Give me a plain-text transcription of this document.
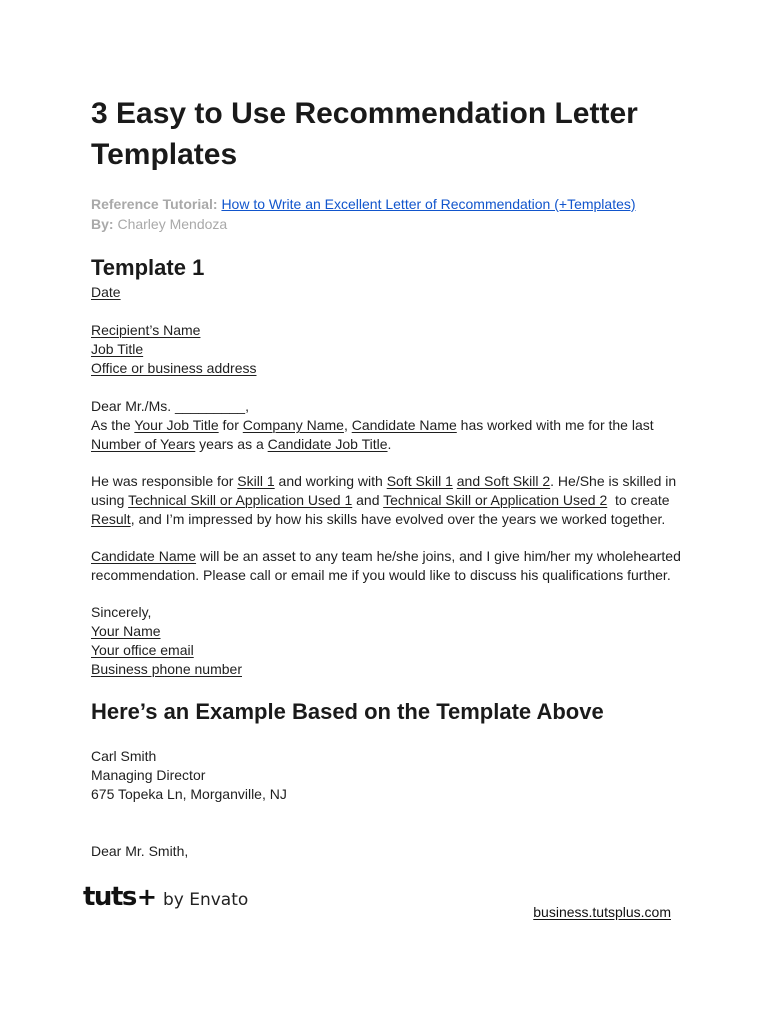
3 Easy to Use Recommendation Letter Templates
Reference Tutorial: How to Write an Excellent Letter of Recommendation (+Templates)
By: Charley Mendoza
Template 1
Date
Recipient’s Name
Job Title
Office or business address
Dear Mr./Ms. _________,
As the Your Job Title for Company Name, Candidate Name has worked with me for the last
Number of Years years as a Candidate Job Title.
He was responsible for Skill 1 and working with Soft Skill 1 and Soft Skill 2. He/She is skilled in
using Technical Skill or Application Used 1 and Technical Skill or Application Used 2  to create
Result, and I’m impressed by how his skills have evolved over the years we worked together.
Candidate Name will be an asset to any team he/she joins, and I give him/her my wholehearted
recommendation. Please call or email me if you would like to discuss his qualifications further.
Sincerely,
Your Name
Your office email
Business phone number
Here’s an Example Based on the Template Above
Carl Smith
Managing Director
675 Topeka Ln, Morganville, NJ
Dear Mr. Smith,
tuts + by Envato
business.tutsplus.com
